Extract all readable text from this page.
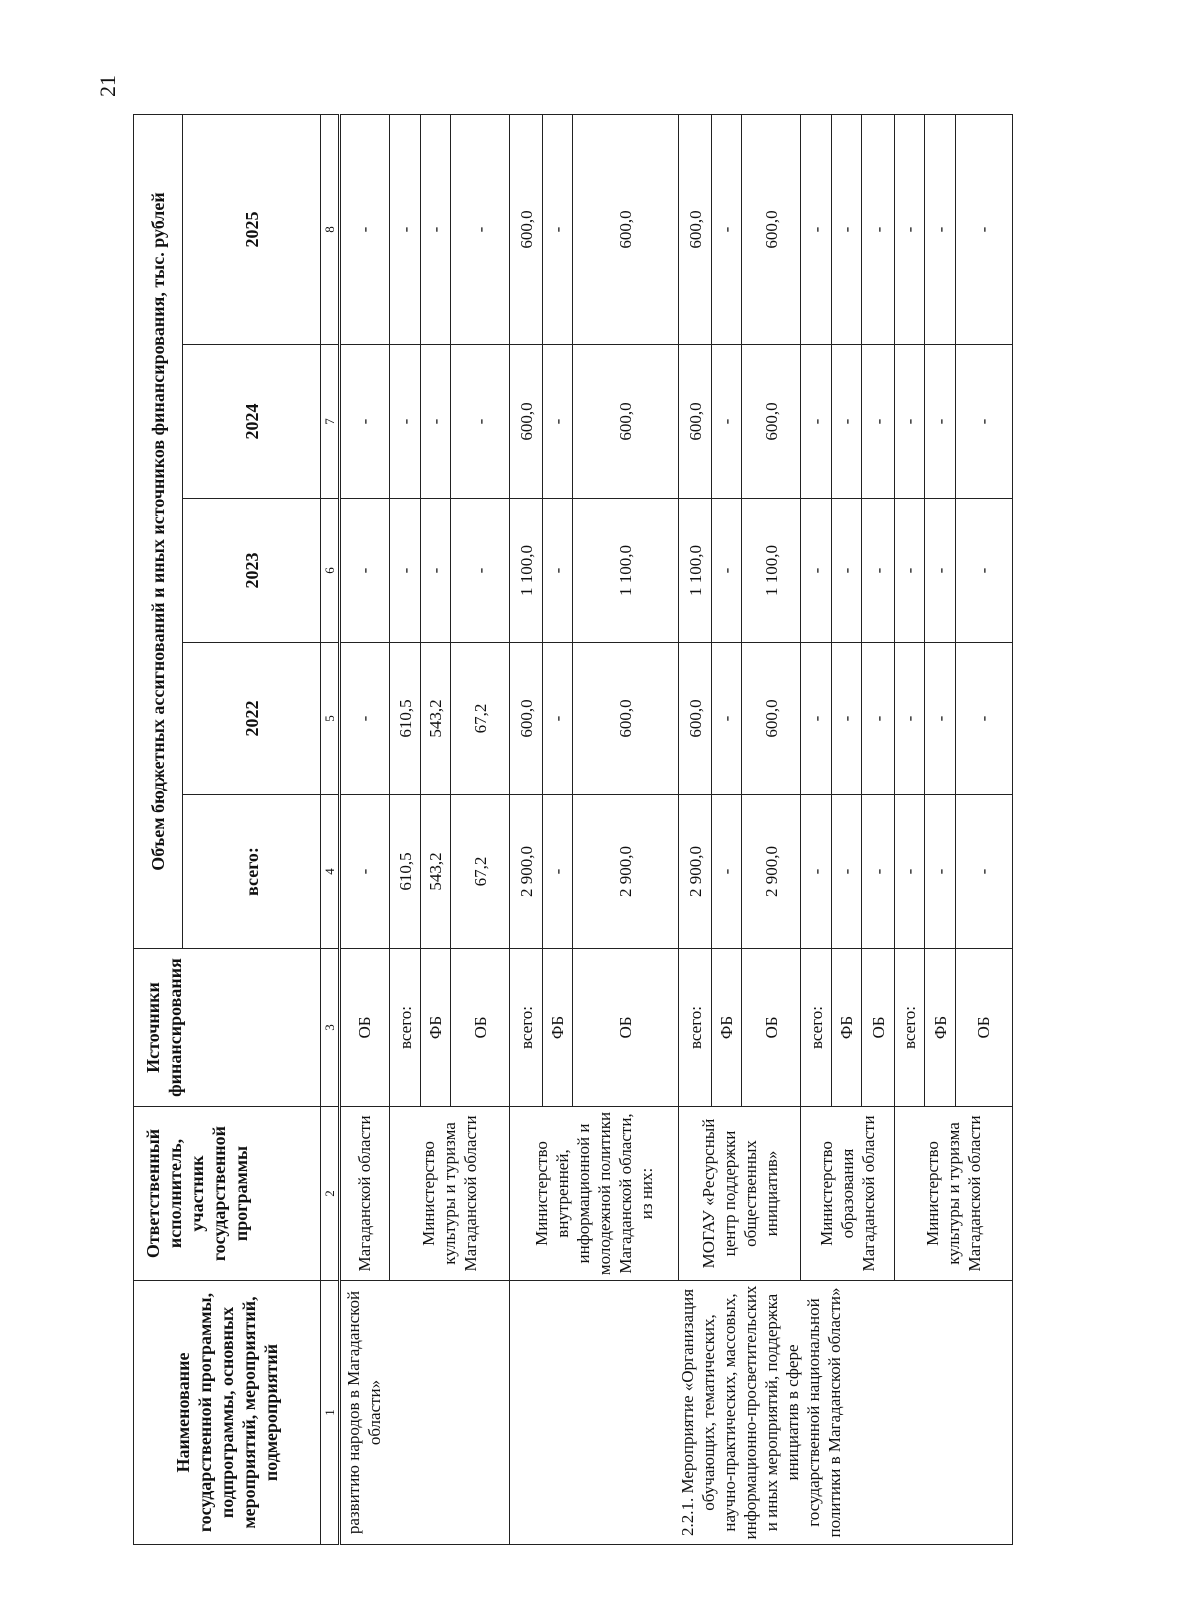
21
Наименование государственной программы, подпрограммы, основных мероприятий, мероприятий, подмероприятий	Ответственный исполнитель, участник государственной программы	Источники финансирования	Объем бюджетных ассигнований и иных источников финансирования, тыс. рублей				
			всего:	2022	2023	2024	2025
1	2	3	4	5	6	7	8
развитию народов в Магаданской области»	Магаданской области	ОБ	-	-	-	-	-
	Министерство культуры и туризма Магаданской области	всего:	610,5	610,5	-	-	-
		ФБ	543,2	543,2	-	-	-
		ОБ	67,2	67,2	-	-	-
2.2.1. Мероприятие «Организация обучающих, тематических, научно-практических, массовых, информационно-просветительских и иных мероприятий, поддержка инициатив в сфере государственной национальной политики в Магаданской области»	Министерство внутренней, информационной и молодежной политики Магаданской области, из них:	всего:	2 900,0	600,0	1 100,0	600,0	600,0
		ФБ	-	-	-	-	-
		ОБ	2 900,0	600,0	1 100,0	600,0	600,0
	МОГАУ «Ресурсный центр поддержки общественных инициатив»	всего:	2 900,0	600,0	1 100,0	600,0	600,0
		ФБ	-	-	-	-	-
		ОБ	2 900,0	600,0	1 100,0	600,0	600,0
	Министерство образования Магаданской области	всего:	-	-	-	-	-
		ФБ	-	-	-	-	-
		ОБ	-	-	-	-	-
	Министерство культуры и туризма Магаданской области	всего:	-	-	-	-	-
		ФБ	-	-	-	-	-
		ОБ	-	-	-	-	-
